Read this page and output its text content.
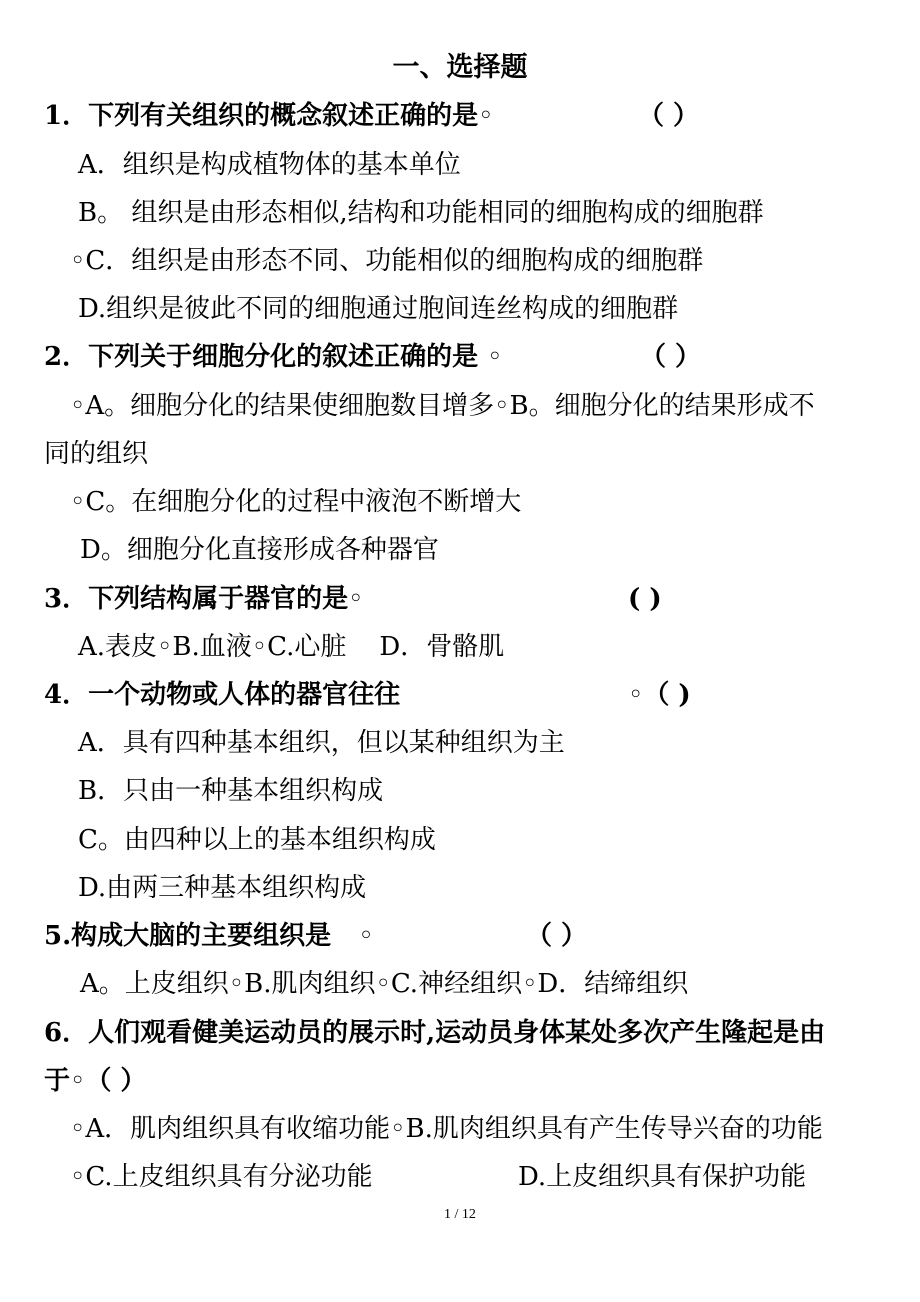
一、选择题
1．下列有关组织的概念叙述正确的是◦	（ ）
A．组织是构成植物体的基本单位
B。 组织是由形态相似,结构和功能相同的细胞构成的细胞群
◦C．组织是由形态不同、功能相似的细胞构成的细胞群
D.组织是彼此不同的细胞通过胞间连丝构成的细胞群
2．下列关于细胞分化的叙述正确的是 ◦	（ ）
◦A。细胞分化的结果使细胞数目增多◦B。细胞分化的结果形成不
同的组织
◦C。在细胞分化的过程中液泡不断增大
D。细胞分化直接形成各种器官
3．下列结构属于器官的是◦	( )
A.表皮◦B.血液◦C.心脏 D．骨骼肌
4．一个动物或人体的器官往往	◦（ )
A．具有四种基本组织，但以某种组织为主
B．只由一种基本组织构成
C。由四种以上的基本组织构成
D.由两三种基本组织构成
5.构成大脑的主要组织是 ◦	（ ）
A。上皮组织◦B.肌肉组织◦C.神经组织◦D．结缔组织
6．人们观看健美运动员的展示时,运动员身体某处多次产生隆起是由
于◦（ ）
◦A．肌肉组织具有收缩功能◦B.肌肉组织具有产生传导兴奋的功能
◦C.上皮组织具有分泌功能	D.上皮组织具有保护功能
1 / 12
